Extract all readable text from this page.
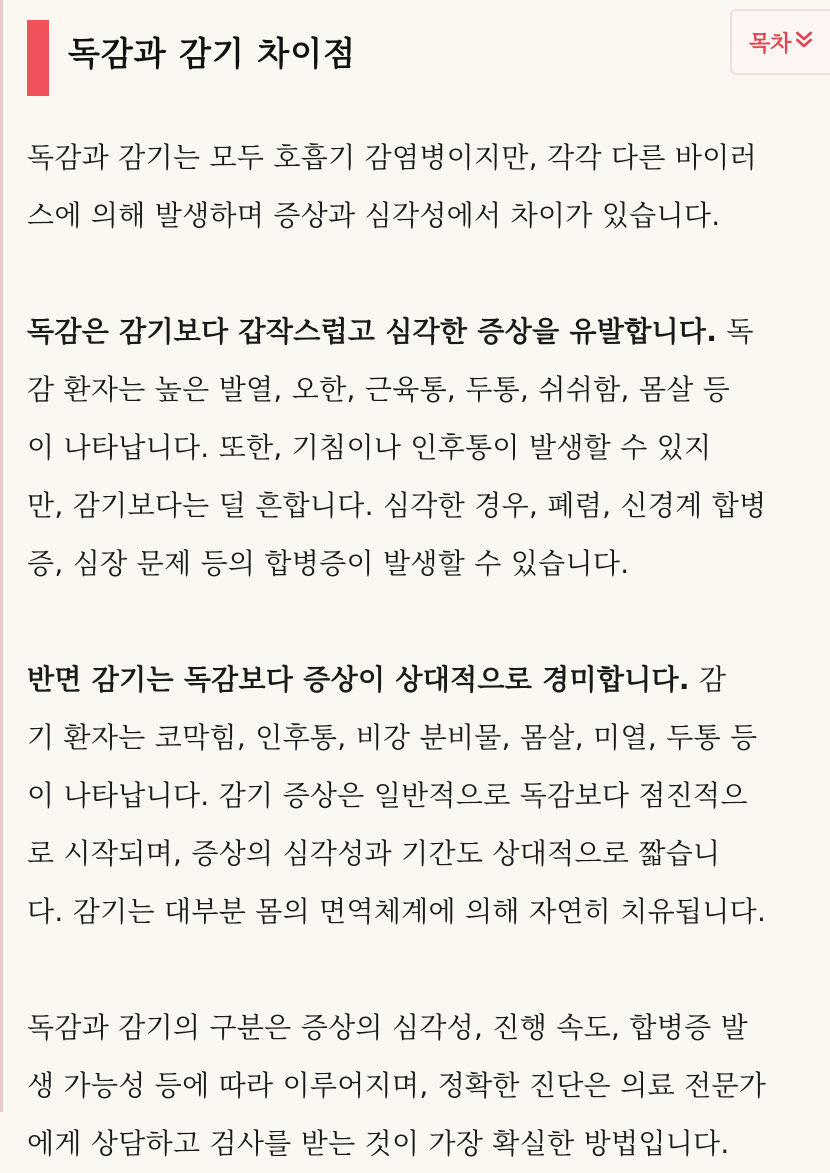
독감과 감기 차이점	목차
독감과 감기는 모두 호흡기 감염병이지만, 각각 다른 바이러
스에 의해 발생하며 증상과 심각성에서 차이가 있습니다.
독감은 감기보다 갑작스럽고 심각한 증상을 유발합니다. 독
감 환자는 높은 발열, 오한, 근육통, 두통, 쉬쉬함, 몸살 등
이 나타납니다. 또한, 기침이나 인후통이 발생할 수 있지
만, 감기보다는 덜 흔합니다. 심각한 경우, 폐렴, 신경계 합병
증, 심장 문제 등의 합병증이 발생할 수 있습니다.
반면 감기는 독감보다 증상이 상대적으로 경미합니다. 감
기 환자는 코막힘, 인후통, 비강 분비물, 몸살, 미열, 두통 등
이 나타납니다. 감기 증상은 일반적으로 독감보다 점진적으
로 시작되며, 증상의 심각성과 기간도 상대적으로 짧습니
다. 감기는 대부분 몸의 면역체계에 의해 자연히 치유됩니다.
독감과 감기의 구분은 증상의 심각성, 진행 속도, 합병증 발
생 가능성 등에 따라 이루어지며, 정확한 진단은 의료 전문가
에게 상담하고 검사를 받는 것이 가장 확실한 방법입니다.
